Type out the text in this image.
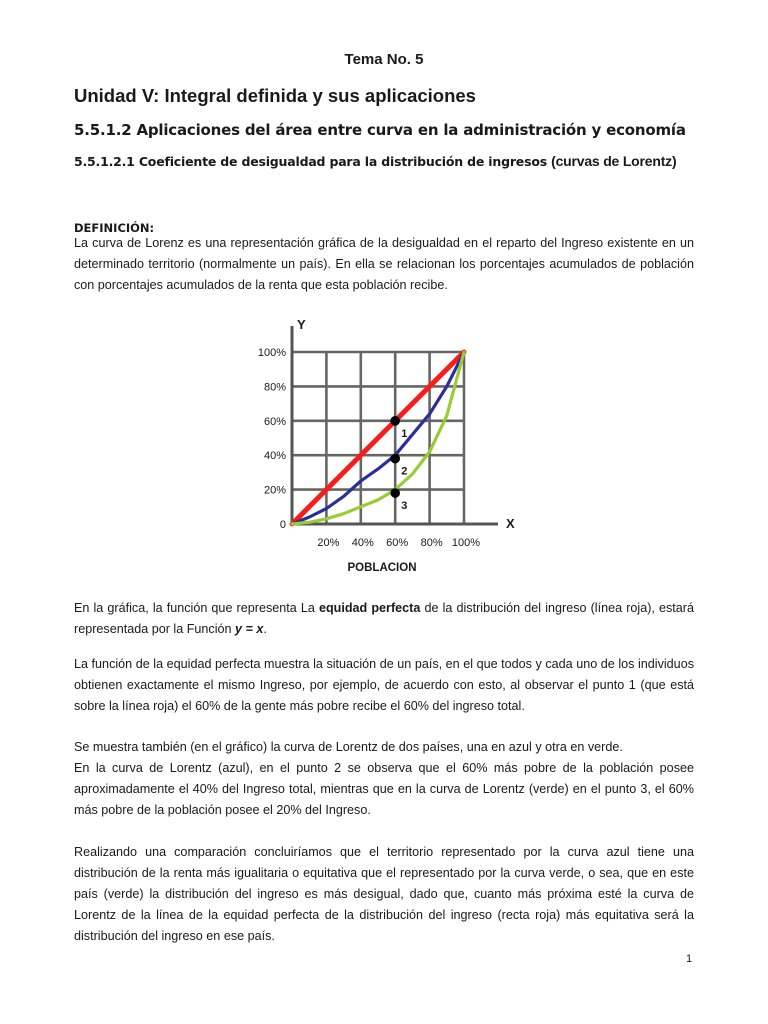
Tema No. 5
Unidad V: Integral definida y sus aplicaciones
5.5.1.2 Aplicaciones del área entre curva en la administración y economía
5.5.1.2.1 Coeficiente de desigualdad para la distribución de ingresos (curvas de Lorentz)
DEFINICIÓN:

La curva de Lorenz es una representación gráfica de la desigualdad en el reparto del Ingreso existente en un determinado territorio (normalmente un país). En ella se relacionan los porcentajes acumulados de población con porcentajes acumulados de la renta que esta población recibe.

1
2
3
0
20%
40%
60%
80%
100%
20% 40% 60% 80% 100%
POBLACION
X
Y

En la gráfica, la función que representa La equidad perfecta de la distribución del ingreso (línea roja), estará representada por la Función y = x.

La función de la equidad perfecta muestra la situación de un país, en el que todos y cada uno de los individuos obtienen exactamente el mismo Ingreso, por ejemplo, de acuerdo con esto, al observar el punto 1 (que está sobre la línea roja) el 60% de la gente más pobre recibe el 60% del ingreso total.

Se muestra también (en el gráfico) la curva de Lorentz de dos países, una en azul y otra en verde.

En la curva de Lorentz (azul), en el punto 2 se observa que el 60% más pobre de la población posee aproximadamente el 40% del Ingreso total, mientras que en la curva de Lorentz (verde) en el punto 3, el 60% más pobre de la población posee el 20% del Ingreso.

Realizando una comparación concluiríamos que el territorio representado por la curva azul tiene una distribución de la renta más igualitaria o equitativa que el representado por la curva verde, o sea, que en este país (verde) la distribución del ingreso es más desigual, dado que, cuanto más próxima esté la curva de Lorentz de la línea de la equidad perfecta de la distribución del ingreso (recta roja) más equitativa será la distribución del ingreso en ese país.

1
